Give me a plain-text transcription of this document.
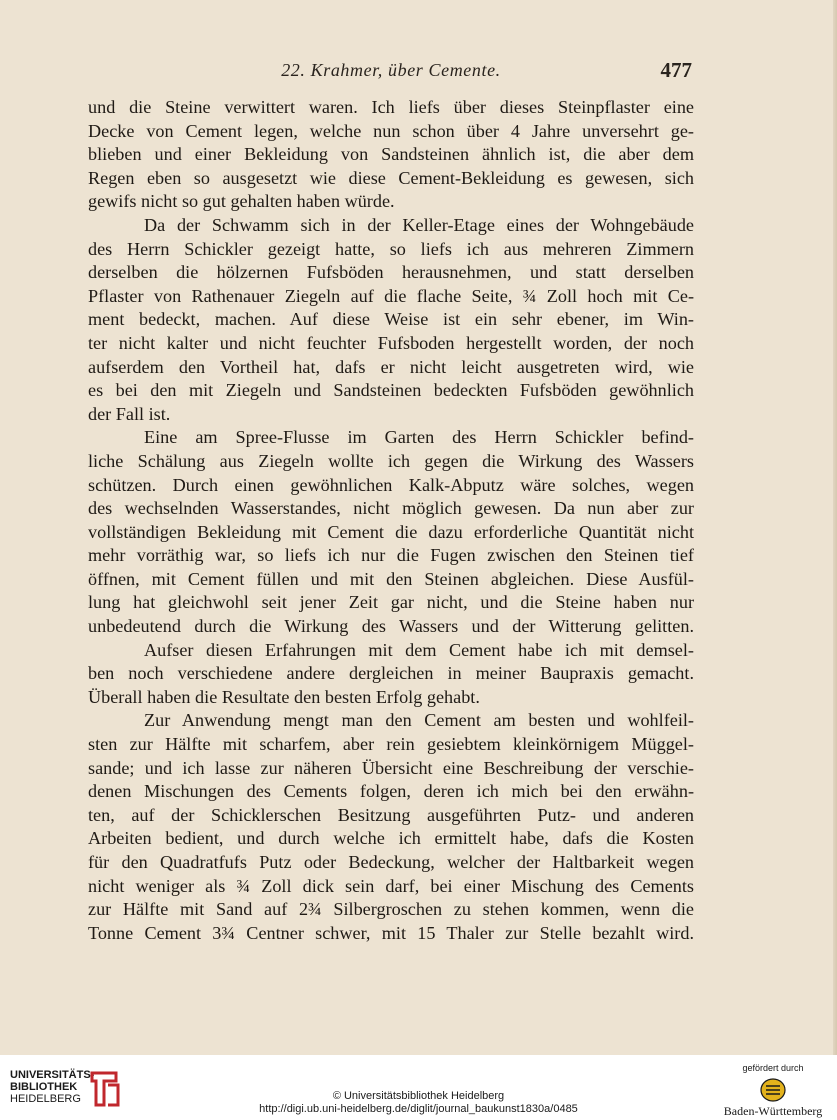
22. Krahmer, über Cemente.	477
und die Steine verwittert waren. Ich liefs über dieses Steinpflaster eine
Decke von Cement legen, welche nun schon über 4 Jahre unversehrt ge-
blieben und einer Bekleidung von Sandsteinen ähnlich ist, die aber dem
Regen eben so ausgesetzt wie diese Cement-Bekleidung es gewesen, sich
gewifs nicht so gut gehalten haben würde.
Da der Schwamm sich in der Keller-Etage eines der Wohngebäude
des Herrn Schickler gezeigt hatte, so liefs ich aus mehreren Zimmern
derselben die hölzernen Fufsböden herausnehmen, und statt derselben
Pflaster von Rathenauer Ziegeln auf die flache Seite, ¾ Zoll hoch mit Ce-
ment bedeckt, machen. Auf diese Weise ist ein sehr ebener, im Win-
ter nicht kalter und nicht feuchter Fufsboden hergestellt worden, der noch
aufserdem den Vortheil hat, dafs er nicht leicht ausgetreten wird, wie
es bei den mit Ziegeln und Sandsteinen bedeckten Fufsböden gewöhnlich
der Fall ist.
Eine am Spree-Flusse im Garten des Herrn Schickler befind-
liche Schälung aus Ziegeln wollte ich gegen die Wirkung des Wassers
schützen. Durch einen gewöhnlichen Kalk-Abputz wäre solches, wegen
des wechselnden Wasserstandes, nicht möglich gewesen. Da nun aber zur
vollständigen Bekleidung mit Cement die dazu erforderliche Quantität nicht
mehr vorräthig war, so liefs ich nur die Fugen zwischen den Steinen tief
öffnen, mit Cement füllen und mit den Steinen abgleichen. Diese Ausfül-
lung hat gleichwohl seit jener Zeit gar nicht, und die Steine haben nur
unbedeutend durch die Wirkung des Wassers und der Witterung gelitten.
Aufser diesen Erfahrungen mit dem Cement habe ich mit demsel-
ben noch verschiedene andere dergleichen in meiner Baupraxis gemacht.
Überall haben die Resultate den besten Erfolg gehabt.
Zur Anwendung mengt man den Cement am besten und wohlfeil-
sten zur Hälfte mit scharfem, aber rein gesiebtem kleinkörnigem Müggel-
sande; und ich lasse zur näheren Übersicht eine Beschreibung der verschie-
denen Mischungen des Cements folgen, deren ich mich bei den erwähn-
ten, auf der Schicklerschen Besitzung ausgeführten Putz- und anderen
Arbeiten bedient, und durch welche ich ermittelt habe, dafs die Kosten
für den Quadratfufs Putz oder Bedeckung, welcher der Haltbarkeit wegen
nicht weniger als ¾ Zoll dick sein darf, bei einer Mischung des Cements
zur Hälfte mit Sand auf 2¾ Silbergroschen zu stehen kommen, wenn die
Tonne Cement 3¾ Centner schwer, mit 15 Thaler zur Stelle bezahlt wird.
UNIVERSITÄTS-
BIBLIOTHEK
HEIDELBERG	© Universitätsbibliothek Heidelberg
http://digi.ub.uni-heidelberg.de/diglit/journal_baukunst1830a/0485
gefördert durch
Baden-Württemberg
